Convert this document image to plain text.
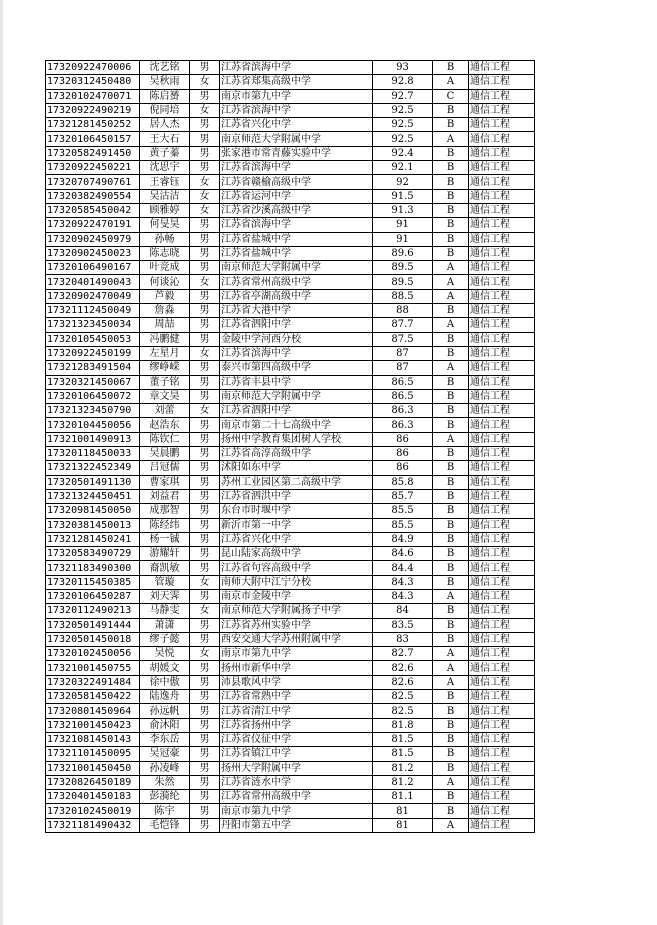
17320922470006	沈艺铭	男	江苏省滨海中学	93	B	通信工程
17320312450480	吴秋雨	女	江苏省郑集高级中学	92.8	A	通信工程
17320102470071	陈启赟	男	南京市第九中学	92.7	C	通信工程
17320922490219	倪同培	女	江苏省滨海中学	92.5	B	通信工程
17321281450252	居人杰	男	江苏省兴化中学	92.5	B	通信工程
17320106450157	王大石	男	南京师范大学附属中学	92.5	A	通信工程
17320582491450	黄子蓁	男	张家港市常青藤实验中学	92.4	B	通信工程
17320922450221	沈思宇	男	江苏省滨海中学	92.1	B	通信工程
17320707490761	王睿钰	女	江苏省赣榆高级中学	92	B	通信工程
17320382490554	吴沽洁	女	江苏省运河中学	91.5	B	通信工程
17320585450042	顾雅婷	女	江苏省沙溪高级中学	91.3	B	通信工程
17320922470191	何旻昊	男	江苏省滨海中学	91	B	通信工程
17320902450979	孙畅	男	江苏省盐城中学	91	B	通信工程
17320902450023	陈志晓	男	江苏省盐城中学	89.6	B	通信工程
17320106490167	叶竞成	男	南京师范大学附属中学	89.5	A	通信工程
17320401490043	何谈沁	女	江苏省常州高级中学	89.5	A	通信工程
17320902470049	芦毅	男	江苏省亭湖高级中学	88.5	A	通信工程
17321112450049	詹淼	男	江苏省大港中学	88	B	通信工程
17321323450034	周喆	男	江苏省泗阳中学	87.7	A	通信工程
17320105450053	冯鹏健	男	金陵中学河西分校	87.5	B	通信工程
17320922450199	左星月	女	江苏省滨海中学	87	B	通信工程
17321283491504	缪峥嵘	男	泰兴市第四高级中学	87	A	通信工程
17320321450067	董子铭	男	江苏省丰县中学	86.5	B	通信工程
17320106450072	章文昊	男	南京师范大学附属中学	86.5	B	通信工程
17321323450790	刘蕾	女	江苏省泗阳中学	86.3	B	通信工程
17320104450056	赵浩东	男	南京市第二十七高级中学	86.3	B	通信工程
17321001490913	陈钦仁	男	扬州中学教育集团树人学校	86	A	通信工程
17320118450033	吴晨鹏	男	江苏省高淳高级中学	86	B	通信工程
17321322452349	吕冠儒	男	沭阳如东中学	86	B	通信工程
17320501491130	曹家琪	男	苏州工业园区第二高级中学	85.8	B	通信工程
17321324450451	刘益君	男	江苏省泗洪中学	85.7	B	通信工程
17320981450050	成那智	男	东台市时堰中学	85.5	B	通信工程
17320381450013	陈经纬	男	新沂市第一中学	85.5	B	通信工程
17321281450241	杨一铖	男	江苏省兴化中学	84.9	B	通信工程
17320583490729	游耀轩	男	昆山陆家高级中学	84.6	B	通信工程
17321183490300	裔凯敏	男	江苏省句容高级中学	84.4	B	通信工程
17320115450385	管璇	女	南师大附中江宁分校	84.3	B	通信工程
17320106450287	刘天霁	男	南京市金陵中学	84.3	A	通信工程
17320112490213	马静雯	女	南京师范大学附属扬子中学	84	B	通信工程
17320501491444	萧潇	男	江苏省苏州实验中学	83.5	B	通信工程
17320501450018	缪子懿	男	西安交通大学苏州附属中学	83	B	通信工程
17320102450056	吴悦	女	南京市第九中学	82.7	A	通信工程
17321001450755	胡媛文	男	扬州市新华中学	82.6	A	通信工程
17320322491484	徐中傲	男	沛县歌风中学	82.6	A	通信工程
17320581450422	陆逸舟	男	江苏省常熟中学	82.5	B	通信工程
17320801450964	孙远帆	男	江苏省清江中学	82.5	B	通信工程
17321001450423	俞沐阳	男	江苏省扬州中学	81.8	B	通信工程
17321081450143	李东岳	男	江苏省仪征中学	81.5	B	通信工程
17321101450095	吴冠豪	男	江苏省镇江中学	81.5	B	通信工程
17321001450450	孙凌峰	男	扬州大学附属中学	81.2	B	通信工程
17320826450189	朱然	男	江苏省涟水中学	81.2	A	通信工程
17320401450183	彭漪纶	男	江苏省常州高级中学	81.1	B	通信工程
17320102450019	陈宇	男	南京市第九中学	81	B	通信工程
17321181490432	毛恺锋	男	丹阳市第五中学	81	A	通信工程
